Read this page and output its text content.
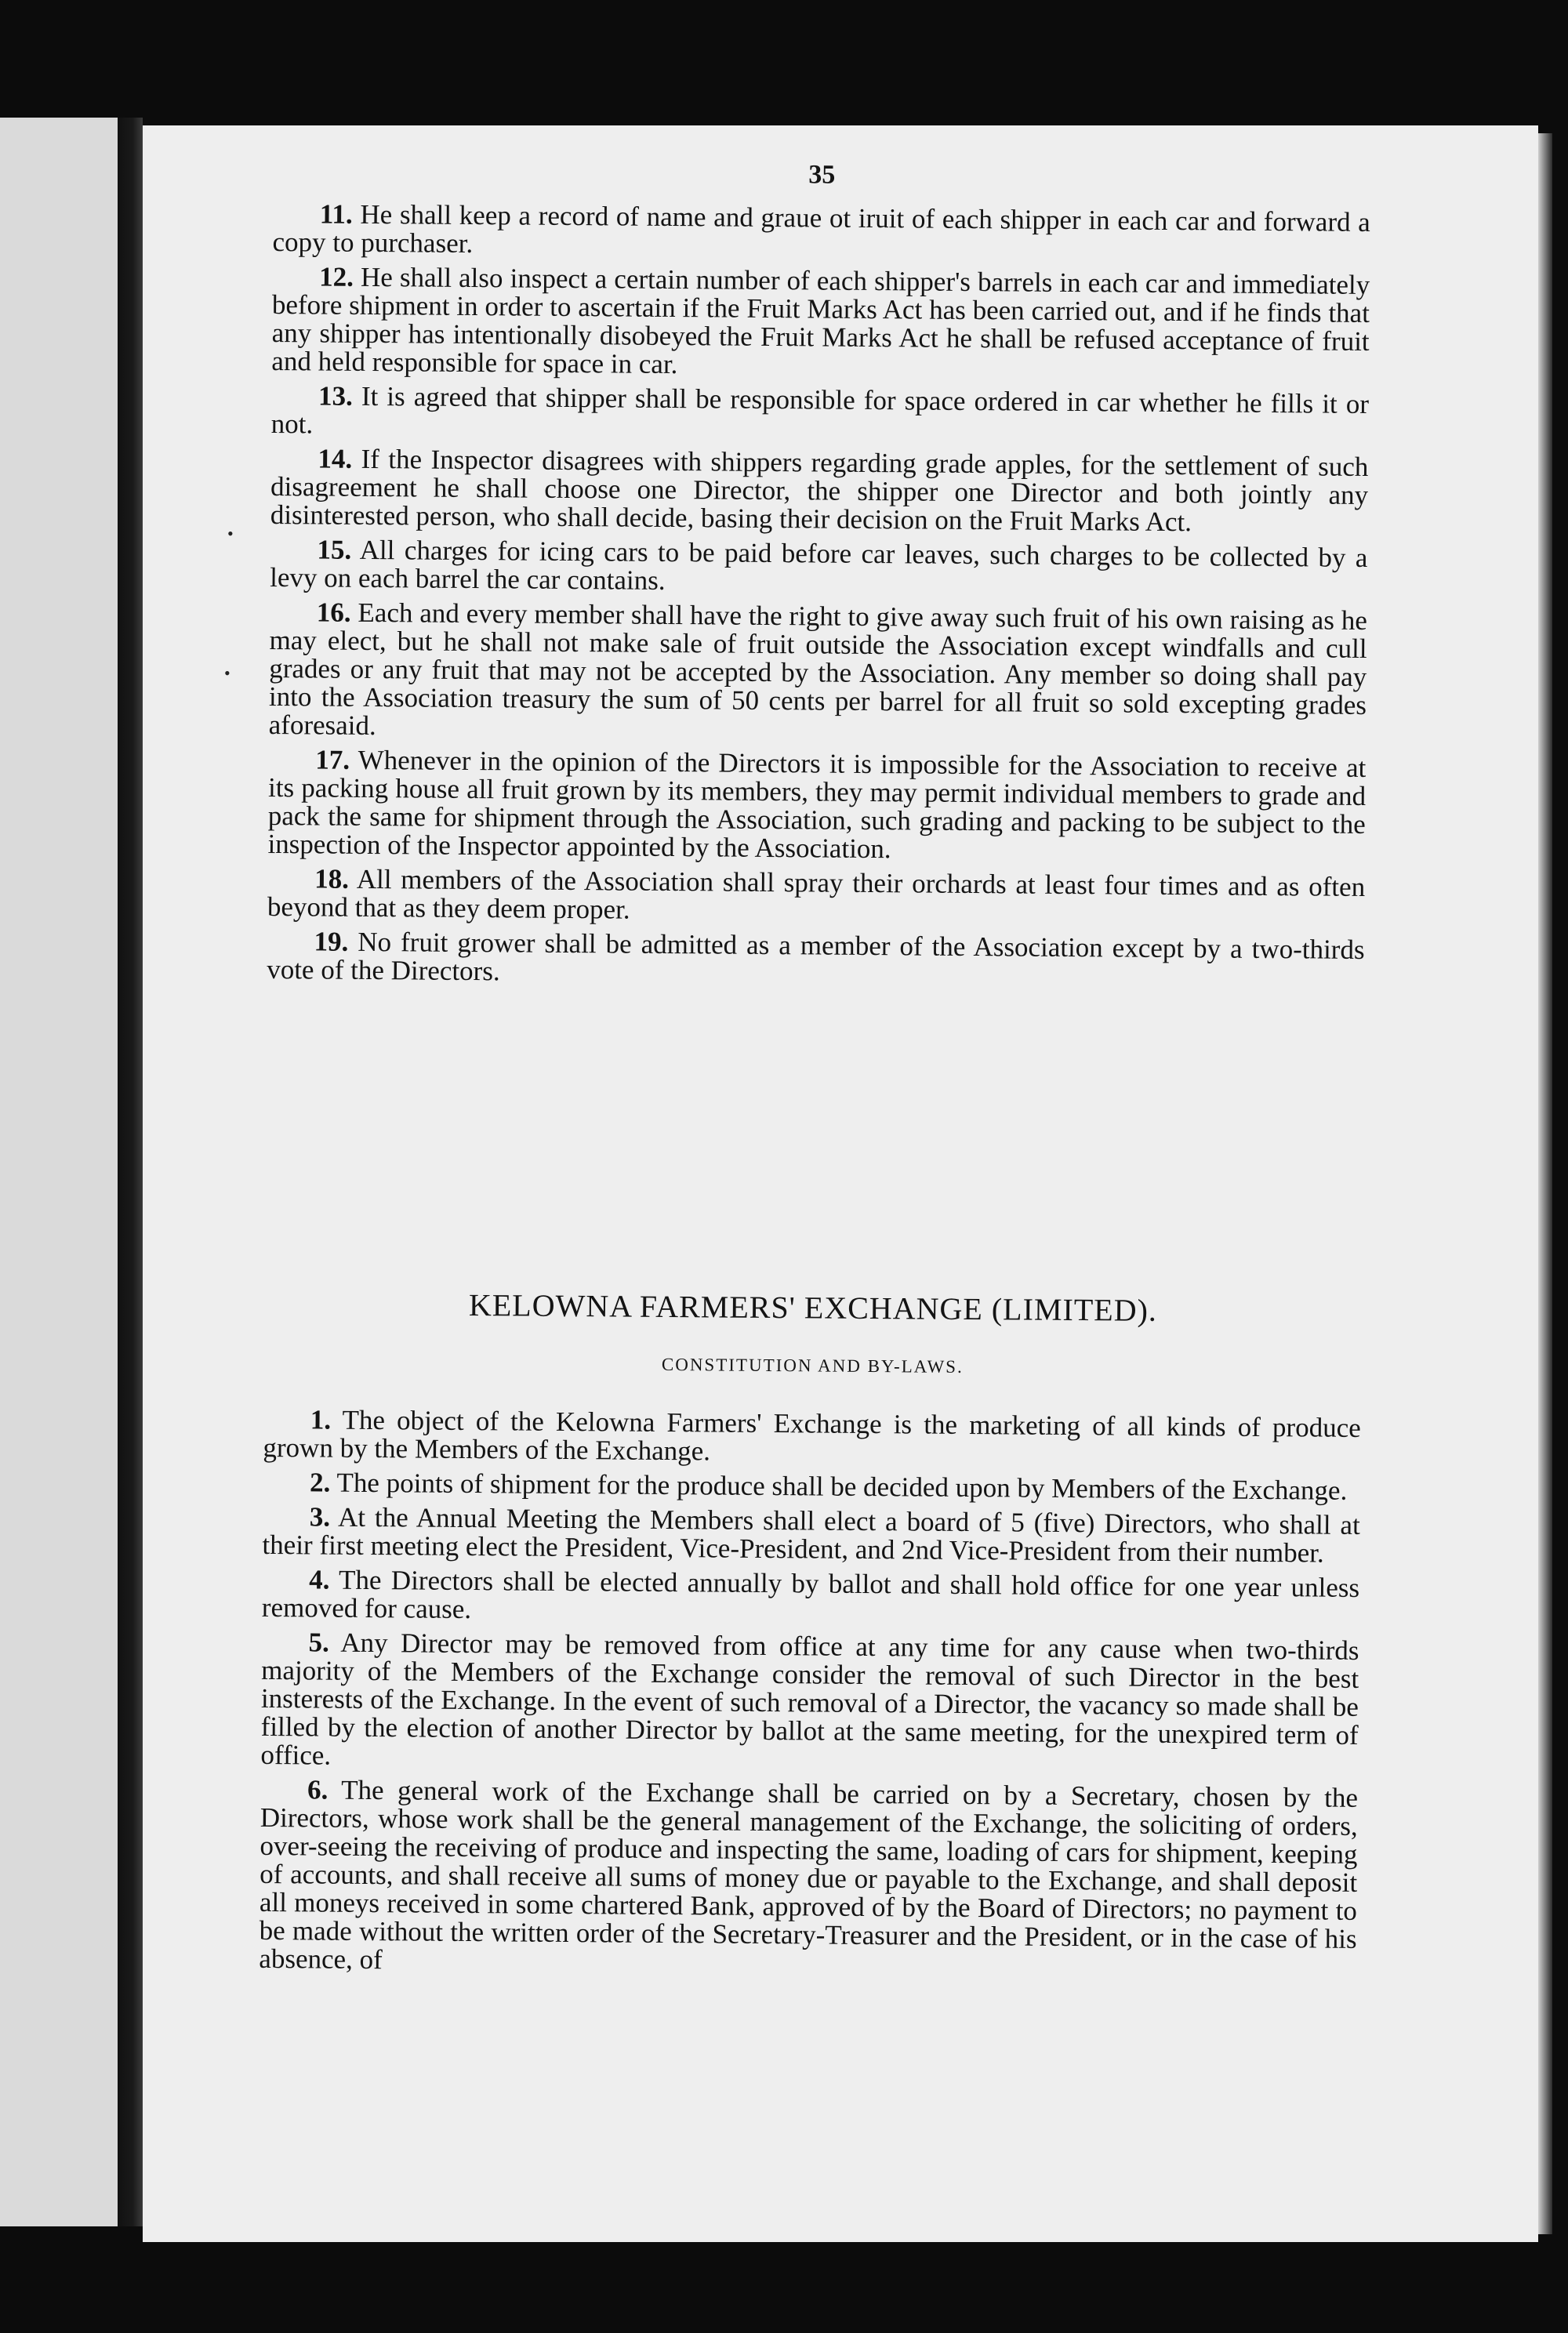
•
•
35

11. He shall keep a record of name and graue ot iruit of each shipper in each car and forward a copy to purchaser.

12. He shall also inspect a certain number of each shipper's barrels in each car and immediately before shipment in order to ascertain if the Fruit Marks Act has been carried out, and if he finds that any shipper has intentionally disobeyed the Fruit Marks Act he shall be refused acceptance of fruit and held responsible for space in car.

13. It is agreed that shipper shall be responsible for space ordered in car whether he fills it or not.

14. If the Inspector disagrees with shippers regarding grade apples, for the settlement of such disagreement he shall choose one Director, the shipper one Director and both jointly any disinterested person, who shall decide, basing their decision on the Fruit Marks Act.

15. All charges for icing cars to be paid before car leaves, such charges to be collected by a levy on each barrel the car contains.

16. Each and every member shall have the right to give away such fruit of his own raising as he may elect, but he shall not make sale of fruit outside the Association except windfalls and cull grades or any fruit that may not be accepted by the Association. Any member so doing shall pay into the Association treasury the sum of 50 cents per barrel for all fruit so sold excepting grades aforesaid.

17. Whenever in the opinion of the Directors it is impossible for the Association to receive at its packing house all fruit grown by its members, they may permit individual members to grade and pack the same for shipment through the Association, such grading and packing to be subject to the inspection of the Inspector appointed by the Association.

18. All members of the Association shall spray their orchards at least four times and as often beyond that as they deem proper.

19. No fruit grower shall be admitted as a member of the Association except by a two-thirds vote of the Directors.

KELOWNA FARMERS' EXCHANGE (LIMITED).
CONSTITUTION AND BY-LAWS.

1. The object of the Kelowna Farmers' Exchange is the marketing of all kinds of produce grown by the Members of the Exchange.

2. The points of shipment for the produce shall be decided upon by Members of the Exchange.

3. At the Annual Meeting the Members shall elect a board of 5 (five) Directors, who shall at their first meeting elect the President, Vice-President, and 2nd Vice-President from their number.

4. The Directors shall be elected annually by ballot and shall hold office for one year unless removed for cause.

5. Any Director may be removed from office at any time for any cause when two-thirds majority of the Members of the Exchange consider the removal of such Director in the best insterests of the Exchange. In the event of such removal of a Director, the vacancy so made shall be filled by the election of another Director by ballot at the same meeting, for the unexpired term of office.

6. The general work of the Exchange shall be carried on by a Secretary, chosen by the Directors, whose work shall be the general management of the Exchange, the soliciting of orders, over-seeing the receiving of produce and inspecting the same, loading of cars for shipment, keeping of accounts, and shall receive all sums of money due or payable to the Exchange, and shall deposit all moneys received in some chartered Bank, approved of by the Board of Directors; no payment to be made without the written order of the Secretary-Treasurer and the President, or in the case of his absence, of
